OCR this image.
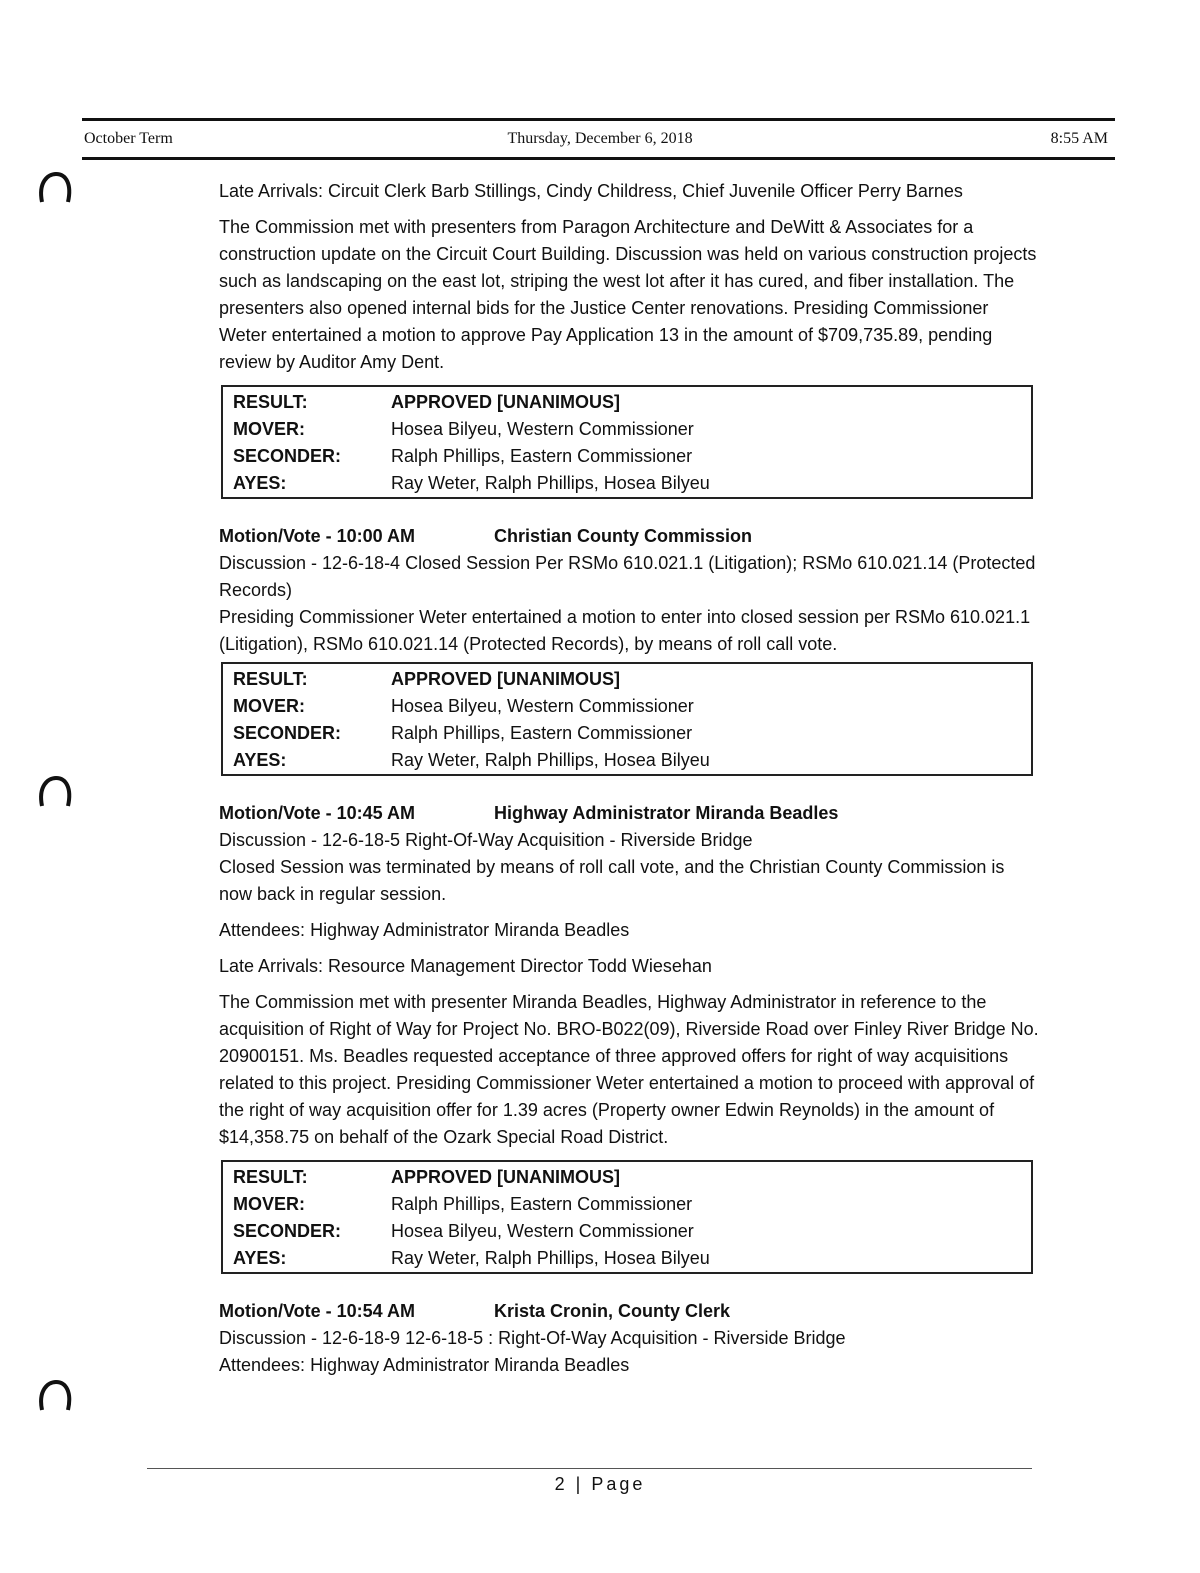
October Term	Thursday, December 6, 2018	8:55 AM

Late Arrivals: Circuit Clerk Barb Stillings, Cindy Childress, Chief Juvenile Officer Perry Barnes

The Commission met with presenters from Paragon Architecture and DeWitt & Associates for a construction update on the Circuit Court Building. Discussion was held on various construction projects such as landscaping on the east lot, striping the west lot after it has cured, and fiber installation. The presenters also opened internal bids for the Justice Center renovations. Presiding Commissioner Weter entertained a motion to approve Pay Application 13 in the amount of $709,735.89, pending review by Auditor Amy Dent.

RESULT:	APPROVED [UNANIMOUS]
MOVER:	Hosea Bilyeu, Western Commissioner
SECONDER:	Ralph Phillips, Eastern Commissioner
AYES:	Ray Weter, Ralph Phillips, Hosea Bilyeu
Motion/Vote - 10:00 AM	Christian County Commission
Discussion - 12-6-18-4 Closed Session Per RSMo 610.021.1 (Litigation); RSMo 610.021.14 (Protected Records)
Presiding Commissioner Weter entertained a motion to enter into closed session per RSMo 610.021.1 (Litigation), RSMo 610.021.14 (Protected Records), by means of roll call vote.
RESULT:	APPROVED [UNANIMOUS]
MOVER:	Hosea Bilyeu, Western Commissioner
SECONDER:	Ralph Phillips, Eastern Commissioner
AYES:	Ray Weter, Ralph Phillips, Hosea Bilyeu
Motion/Vote - 10:45 AM	Highway Administrator Miranda Beadles
Discussion - 12-6-18-5 Right-Of-Way Acquisition - Riverside Bridge

Closed Session was terminated by means of roll call vote, and the Christian County Commission is now back in regular session.

Attendees: Highway Administrator Miranda Beadles

Late Arrivals: Resource Management Director Todd Wiesehan

The Commission met with presenter Miranda Beadles, Highway Administrator in reference to the acquisition of Right of Way for Project No. BRO-B022(09), Riverside Road over Finley River Bridge No. 20900151. Ms. Beadles requested acceptance of three approved offers for right of way acquisitions related to this project. Presiding Commissioner Weter entertained a motion to proceed with approval of the right of way acquisition offer for 1.39 acres (Property owner Edwin Reynolds) in the amount of $14,358.75 on behalf of the Ozark Special Road District.

RESULT:	APPROVED [UNANIMOUS]
MOVER:	Ralph Phillips, Eastern Commissioner
SECONDER:	Hosea Bilyeu, Western Commissioner
AYES:	Ray Weter, Ralph Phillips, Hosea Bilyeu
Motion/Vote - 10:54 AM	Krista Cronin, County Clerk
Discussion - 12-6-18-9 12-6-18-5 : Right-Of-Way Acquisition - Riverside Bridge
Attendees: Highway Administrator Miranda Beadles
2 | Page
